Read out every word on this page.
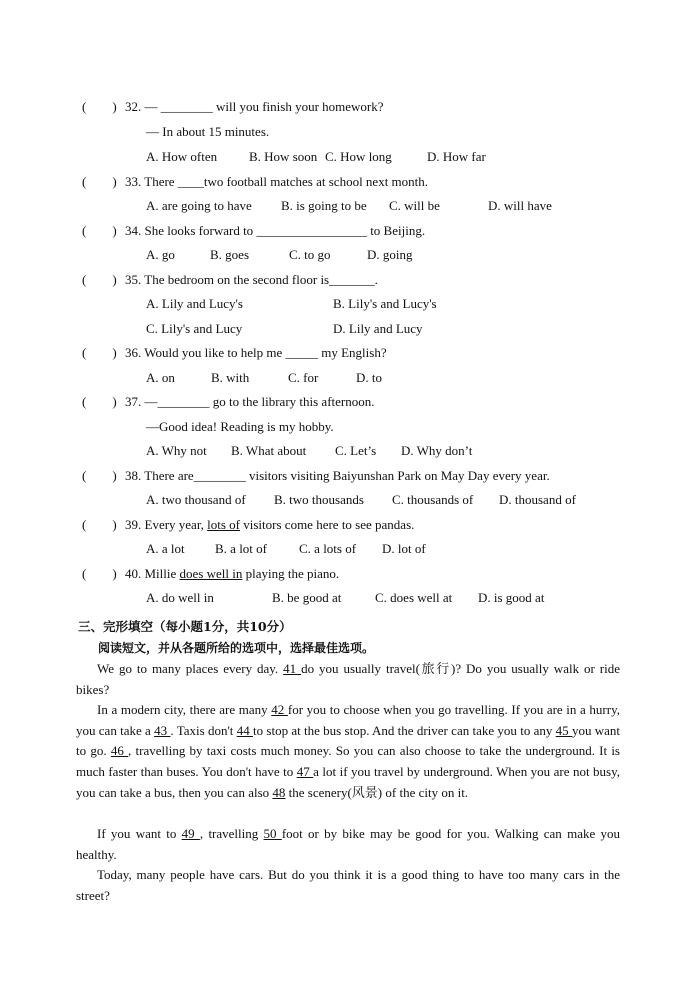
(　　) 32. — ________ will you finish your homework?
— In about 15 minutes.
A. How often B. How soon C. How long	D. How far
(　　) 33. There ____two football matches at school next month.
A. are going to have B. is going to be C. will be	D. will have
(　　) 34. She looks forward to _________________ to Beijing.
A. go	B. goes	C. to go	D. going
(　　) 35. The bedroom on the second floor is_______.
A. Lily and Lucy's	B. Lily's and Lucy's
C. Lily's and Lucy	D. Lily and Lucy
(　　) 36. Would you like to help me _____ my English?
A. on	B. with	C. for	D. to
(　　) 37. —________ go to the library this afternoon.
—Good idea! Reading is my hobby.
A. Why not B. What about C. Let’s D. Why don’t
(　　) 38. There are________ visitors visiting Baiyunshan Park on May Day every year.
A. two thousand of B. two thousands C. thousands of D. thousand of
(　　) 39. Every year, lots of visitors come here to see pandas.
A. a lot B. a lot of C. a lots of D. lot of
(　　) 40. Millie does well in playing the piano.
A. do well in	B. be good at	C. does well at D. is good at
三、完形填空（每小题1分，共10分）
阅读短文，并从各题所给的选项中，选择最佳选项。
We go to many places every day. 41 do you usually travel(旅行)? Do you usually walk or ride bikes?
In a modern city, there are many 42 for you to choose when you go travelling. If you are in a hurry, you can take a 43 . Taxis don't 44 to stop at the bus stop. And the driver can take you to any 45 you want to go. 46 , travelling by taxi costs much money. So you can also choose to take the underground. It is much faster than buses. You don't have to 47 a lot if you travel by underground. When you are not busy, you can take a bus, then you can also 48 the scenery(风景) of the city on it.
If you want to 49 , travelling 50 foot or by bike may be good for you. Walking can make you healthy.
Today, many people have cars. But do you think it is a good thing to have too many cars in the street?
